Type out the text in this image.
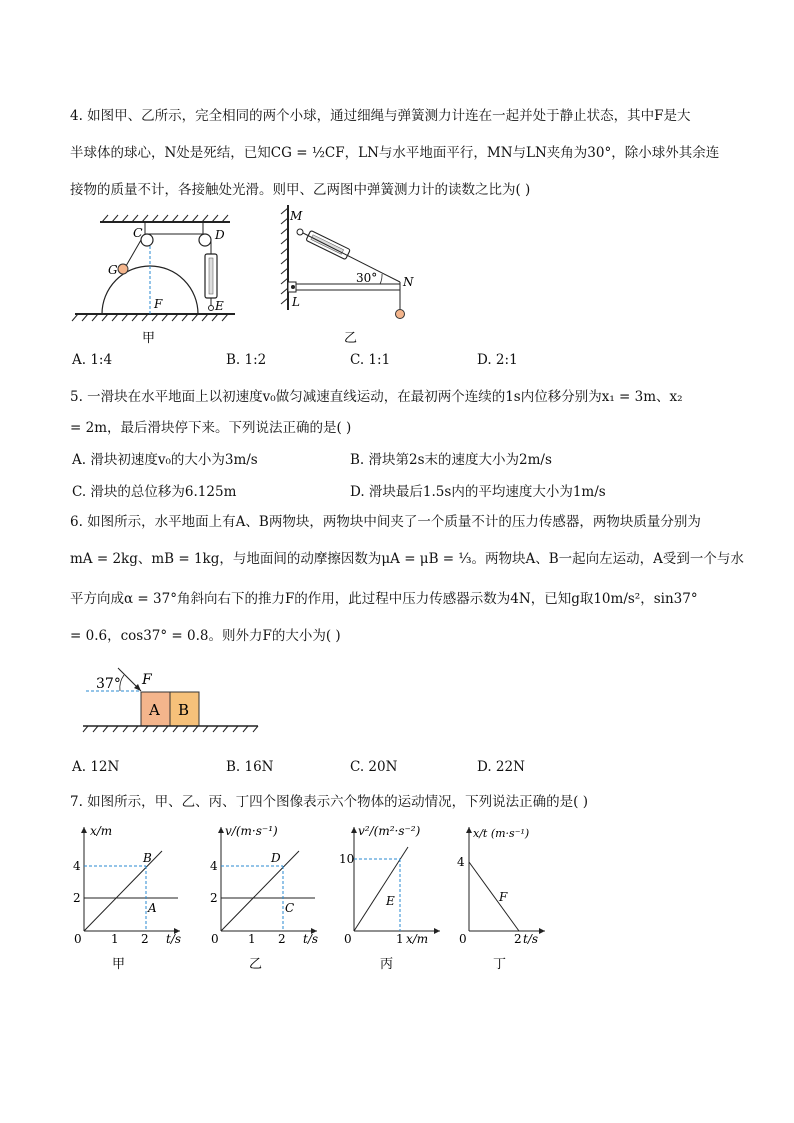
4. 如图甲、乙所示，完全相同的两个小球，通过细绳与弹簧测力计连在一起并处于静止状态，其中F是大
半球体的球心，N处是死结，已知CG = ½CF，LN与水平地面平行，MN与LN夹角为30°，除小球外其余连
接物的质量不计，各接触处光滑。则甲、乙两图中弹簧测力计的读数之比为( )
C	D
G
F	E
甲
M
N
L
30°
乙
A. 1:4	B. 1:2	C. 1:1	D. 2:1
5. 一滑块在水平地面上以初速度v₀做匀减速直线运动，在最初两个连续的1s内位移分别为x₁ = 3m、x₂
= 2m，最后滑块停下来。下列说法正确的是( )
A. 滑块初速度v₀的大小为3m/s	B. 滑块第2s末的速度大小为2m/s
C. 滑块的总位移为6.125m	D. 滑块最后1.5s内的平均速度大小为1m/s
6. 如图所示，水平地面上有A、B两物块，两物块中间夹了一个质量不计的压力传感器，两物块质量分别为
mA = 2kg、mB = 1kg，与地面间的动摩擦因数为μA = μB = ⅓。两物块A、B一起向左运动，A受到一个与水
平方向成α = 37°角斜向右下的推力F的作用，此过程中压力传感器示数为4N，已知g取10m/s²，sin37°
= 0.6，cos37° = 0.8。则外力F的大小为( )
37° F
A B
A. 12N	B. 16N	C. 20N	D. 22N
7. 如图所示，甲、乙、丙、丁四个图像表示六个物体的运动情况，下列说法正确的是( )
x/m
t/s
4
2
0 1 2
B
A
甲
v/(m·s⁻¹)
t/s
4
2
0 1 2
D
C
乙
v²/(m²·s⁻²)
x/m
10
0	1
E
丙
x/t (m·s⁻¹)
t/s
4
0	2
F
丁
